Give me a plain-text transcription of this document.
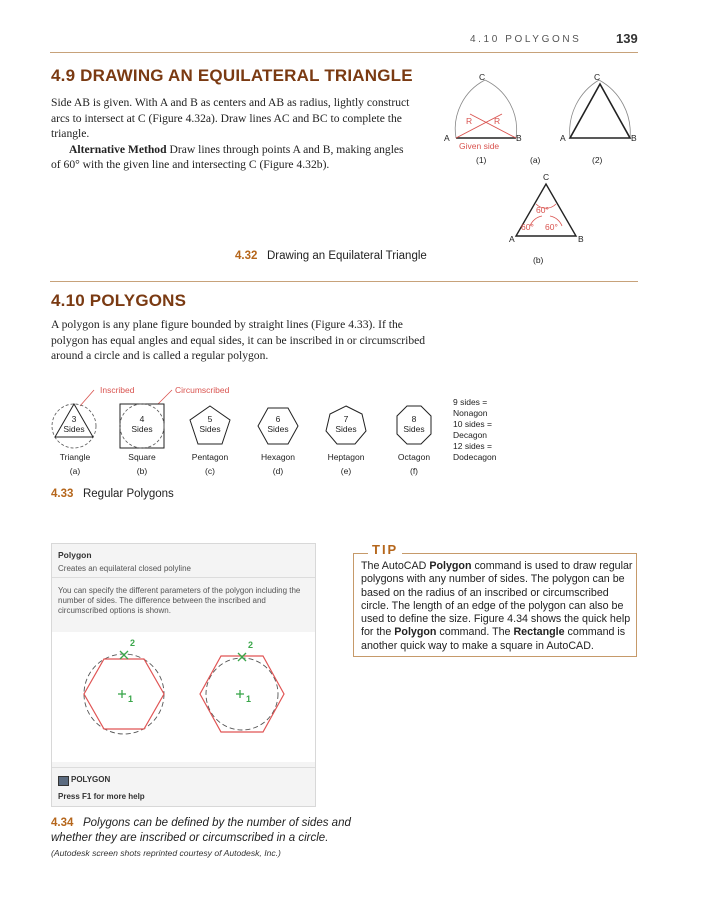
4.10 POLYGONS	139
4.9 DRAWING AN EQUILATERAL TRIANGLE
Side AB is given. With A and B as centers and AB as radius, lightly construct arcs to intersect at C (Figure 4.32a). Draw lines AC and BC to complete the triangle.
Alternative Method Draw lines through points A and B, making angles of 60° with the given line and intersecting C (Figure 4.32b).
C	C
A	B	A	B
R	R
Given side
(1)	(a)	(2)
C
A	B
60°
60° 60°
(b)
4.32 Drawing an Equilateral Triangle
4.10 POLYGONS
A polygon is any plane figure bounded by straight lines (Figure 4.33). If the polygon has equal angles and equal sides, it can be inscribed in or circumscribed around a circle and is called a regular polygon.
Inscribed	Circumscribed
3
Sides
4
Sides
5
Sides
6
Sides
7
Sides
8
Sides
Triangle	Square	Pentagon	Hexagon	Heptagon	Octagon
(a)	(b)	(c)	(d)	(e)	(f)
9 sides =
Nonagon
10 sides =
Decagon
12 sides =
Dodecagon
4.33 Regular Polygons
Polygon
Creates an equilateral closed polyline
You can specify the different parameters of the polygon including the number of sides. The difference between the inscribed and circumscribed options is shown.
2
1
2
1
POLYGON
Press F1 for more help
TIP
The AutoCAD Polygon command is used to draw regular polygons with any number of sides. The polygon can be based on the radius of an inscribed or circumscribed circle. The length of an edge of the polygon can also be used to define the size. Figure 4.34 shows the quick help for the Polygon command. The Rectangle command is another quick way to make a square in AutoCAD.
4.34 Polygons can be defined by the number of sides and whether they are inscribed or circumscribed in a circle.
(Autodesk screen shots reprinted courtesy of Autodesk, Inc.)
